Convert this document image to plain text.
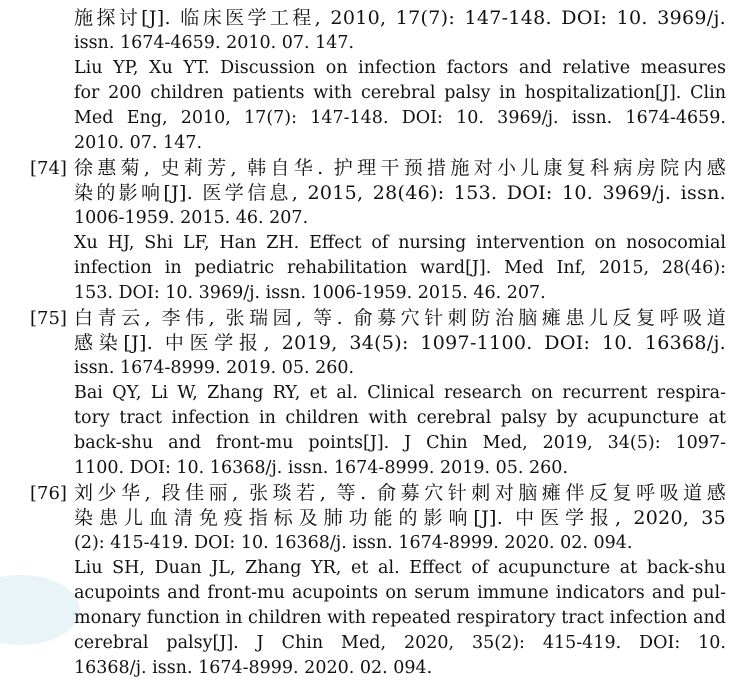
施探讨[J]. 临床医学工程, 2010, 17(7): 147-148. DOI: 10. 3969/j.
issn. 1674-4659. 2010. 07. 147.
Liu YP, Xu YT. Discussion on infection factors and relative measures
for 200 children patients with cerebral palsy in hospitalization[J]. Clin
Med Eng, 2010, 17(7): 147-148. DOI: 10. 3969/j. issn. 1674-4659.
2010. 07. 147.
[74] 徐惠菊, 史莉芳, 韩自华. 护理干预措施对小儿康复科病房院内感
染的影响[J]. 医学信息, 2015, 28(46): 153. DOI: 10. 3969/j. issn.
1006-1959. 2015. 46. 207.
Xu HJ, Shi LF, Han ZH. Effect of nursing intervention on nosocomial
infection in pediatric rehabilitation ward[J]. Med Inf, 2015, 28(46):
153. DOI: 10. 3969/j. issn. 1006-1959. 2015. 46. 207.
[75] 白青云, 李伟, 张瑞园, 等. 俞募穴针刺防治脑瘫患儿反复呼吸道
感染[J]. 中医学报, 2019, 34(5): 1097-1100. DOI: 10. 16368/j.
issn. 1674-8999. 2019. 05. 260.
Bai QY, Li W, Zhang RY, et al. Clinical research on recurrent respira-
tory tract infection in children with cerebral palsy by acupuncture at
back-shu and front-mu points[J]. J Chin Med, 2019, 34(5): 1097-
1100. DOI: 10. 16368/j. issn. 1674-8999. 2019. 05. 260.
[76] 刘少华, 段佳丽, 张琰若, 等. 俞募穴针刺对脑瘫伴反复呼吸道感
染患儿血清免疫指标及肺功能的影响[J]. 中医学报, 2020, 35
(2): 415-419. DOI: 10. 16368/j. issn. 1674-8999. 2020. 02. 094.
Liu SH, Duan JL, Zhang YR, et al. Effect of acupuncture at back-shu
acupoints and front-mu acupoints on serum immune indicators and pul-
monary function in children with repeated respiratory tract infection and
cerebral palsy[J]. J Chin Med, 2020, 35(2): 415-419. DOI: 10.
16368/j. issn. 1674-8999. 2020. 02. 094.
